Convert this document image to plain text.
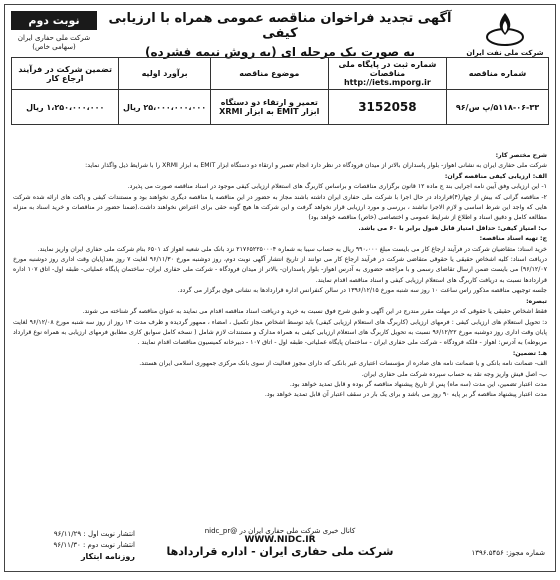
شرکت ملی نفت ایران
آگهی تجدید فراخوان مناقصه عمومی همراه با ارزیابی کیفی
به صورت یک مرحله ای (به روش نیمه فشرده)
نوبت دوم
شرکت ملی حفاری ایران
(سهامی خاص)
شماره مناقصه	شماره ثبت در پایگاه ملی مناقصات http://iets.mporg.ir	موضوع مناقصه	برآورد اولیه	تضمین شرکت در فرآیند ارجاع کار
۵۱۱۸-۰۶-۳۳/پ س/۹۶	3152058	تعمیر و ارتقاء دو دستگاه ابزار EMIT به ابزار XRMI	۲۵،۰۰۰،۰۰۰،۰۰۰ ریال	۱،۲۵۰،۰۰۰،۰۰۰ ریال

شرح مختصر کار:

شرکت ملی حفاری ایران به نشانی اهواز- بلوار پاسداران بالاتر از میدان فرودگاه در نظر دارد انجام تعمیر و ارتقاء دو دستگاه ابزار EMIT به ابزار XRMI را با شرایط ذیل واگذار نماید:

الف: ارزیابی کیفی مناقصه گران:

۱- این ارزیابی وفق آیین نامه اجرایی بند ج ماده ۱۲ قانون برگزاری مناقصات و براساس کاربرگ های استعلام ارزیابی کیفی موجود در اسناد مناقصه صورت می پذیرد.

۲- مناقصه گرانی که بیش از چهار(۴)قرارداد در حال اجرا با شرکت ملی حفاری ایران داشته باشند مجاز به حضور در این مناقصه یا مناقصه دیگری نخواهند بود و مستندات کیفی و پاکت های ارائه شده شرکت هایی که واجد این شرط اساسی و لازم الاجرا نباشند ، بررسی و مورد ارزیابی قرار نخواهد گرفت و این شرکت ها هیچ گونه حقی برای اعتراض نخواهند داشت.(ضمنا حضور در مناقصات و خرید اسناد به منزله مطالعه کامل و دقیق اسناد و اطلاع از شرایط عمومی و اختصاصی (خاص) مناقصه خواهد بود)

ب: امتیاز کیفی: حداقل امتیاز قابل قبول برابر با ۶۰ می باشد.

ج: تهیه اسناد مناقصه:

خرید اسناد: متقاضیان شرکت در فرآیند ارجاع کار می بایست مبلغ ۹۹۰،۰۰۰ ریال به حساب سیبا به شماره ۲۱۷۶۵۲۲۵۰۰۰۴ نزد بانک ملی شعبه اهواز کد ۶۵۰۱ بنام شرکت ملی حفاری ایران واریز نمایند.

دریافت اسناد: کلیه اشخاص حقیقی یا حقوقی متقاضی شرکت در فرآیند ارجاع کار می توانند از تاریخ انتشار آگهی نوبت دوم، روز دوشنبه مورخ ۹۶/۱۱/۳۰ لغایت ۷ روز بعد(پایان وقت اداری روز دوشنبه مورخ ۹۶/۱۲/۰۷) می بایست ضمن ارسال تقاضای رسمی و با مراجعه حضوری به آدرس اهواز- بلوار پاسداران- بالاتر از میدان فرودگاه - شرکت ملی حفاری ایران- ساختمان پایگاه عملیاتی- طبقه اول- اتاق ۱۰۷ اداره قراردادها نسبت به دریافت کاربرگ های استعلام ارزیابی کیفی و اسناد مناقصه اقدام نمایند.

جلسه توجیهی مناقصه مذکور راس ساعت ۱۰ روز سه شنبه مورخ ۱۳۹۶/۱۲/۱۵ در سالن کنفرانس اداره قراردادها به نشانی فوق برگزار می گردد.

تبصره:

فقط اشخاص حقیقی یا حقوقی که در مهلت مقرر مندرج در این آگهی و طبق شرح فوق نسبت به خرید و دریافت اسناد مناقصه اقدام می نمایند به عنوان مناقصه گر شناخته می شوند.

د: تحویل استعلام های ارزیابی کیفی : فرمهای ارزیابی (کاربرگ های استعلام ارزیابی کیفی) باید توسط اشخاص مجاز تکمیل ، امضاء ، ممهور گردیده و ظرف مدت ۱۴ روز از روز سه شنبه مورخ ۹۶/۱۲/۰۸ لغایت پایان وقت اداری روز دوشنبه مورخ ۹۶/۱۲/۲۲ نسبت به تحویل کاربرگ های استعلام ارزیابی کیفی به همراه مدارک و مستندات لازم شامل ( نسخه کامل سوابق کاری مطابق فرمهای ارزیابی به همراه نوع قرارداد مربوطه) به آدرس: اهواز - فلکه فرودگاه - شرکت ملی حفاری ایران - ساختمان پایگاه عملیاتی- طبقه اول - اتاق ۱۰۷ - دبیرخانه کمیسیون مناقصات اقدام نمایند .

هـ: تضمین:

الف- ضمانت نامه بانکی و یا ضمانت نامه های صادره از مؤسسات اعتباری غیر بانکی که دارای مجوز فعالیت از سوی بانک مرکزی جمهوری اسلامی ایران هستند.

ب- اصل فیش واریز وجه نقد به حساب سپرده شرکت ملی حفاری ایران.

مدت اعتبار تضمین، این مدت (سه ماه) پس از تاریخ پیشنهاد مناقصه گر بوده و قابل تمدید خواهد بود.

مدت اعتبار پیشنهاد مناقصه گر بر پایه ۹۰ روز می باشد و برای یک بار در سقف اعتبار آن قابل تمدید خواهد بود.

کانال خبری شرکت ملی حفاری ایران در @nidc_pr
WWW.NIDC.IR
شرکت ملی حفاری ایران - اداره قراردادها
انتشار نوبت اول : ۹۶/۱۱/۲۹
انتشار نوبت دوم : ۹۶/۱۱/۳۰
روزنامه ابتکار	شماره مجوز: ۱۳۹۶.۵۴۵۶
